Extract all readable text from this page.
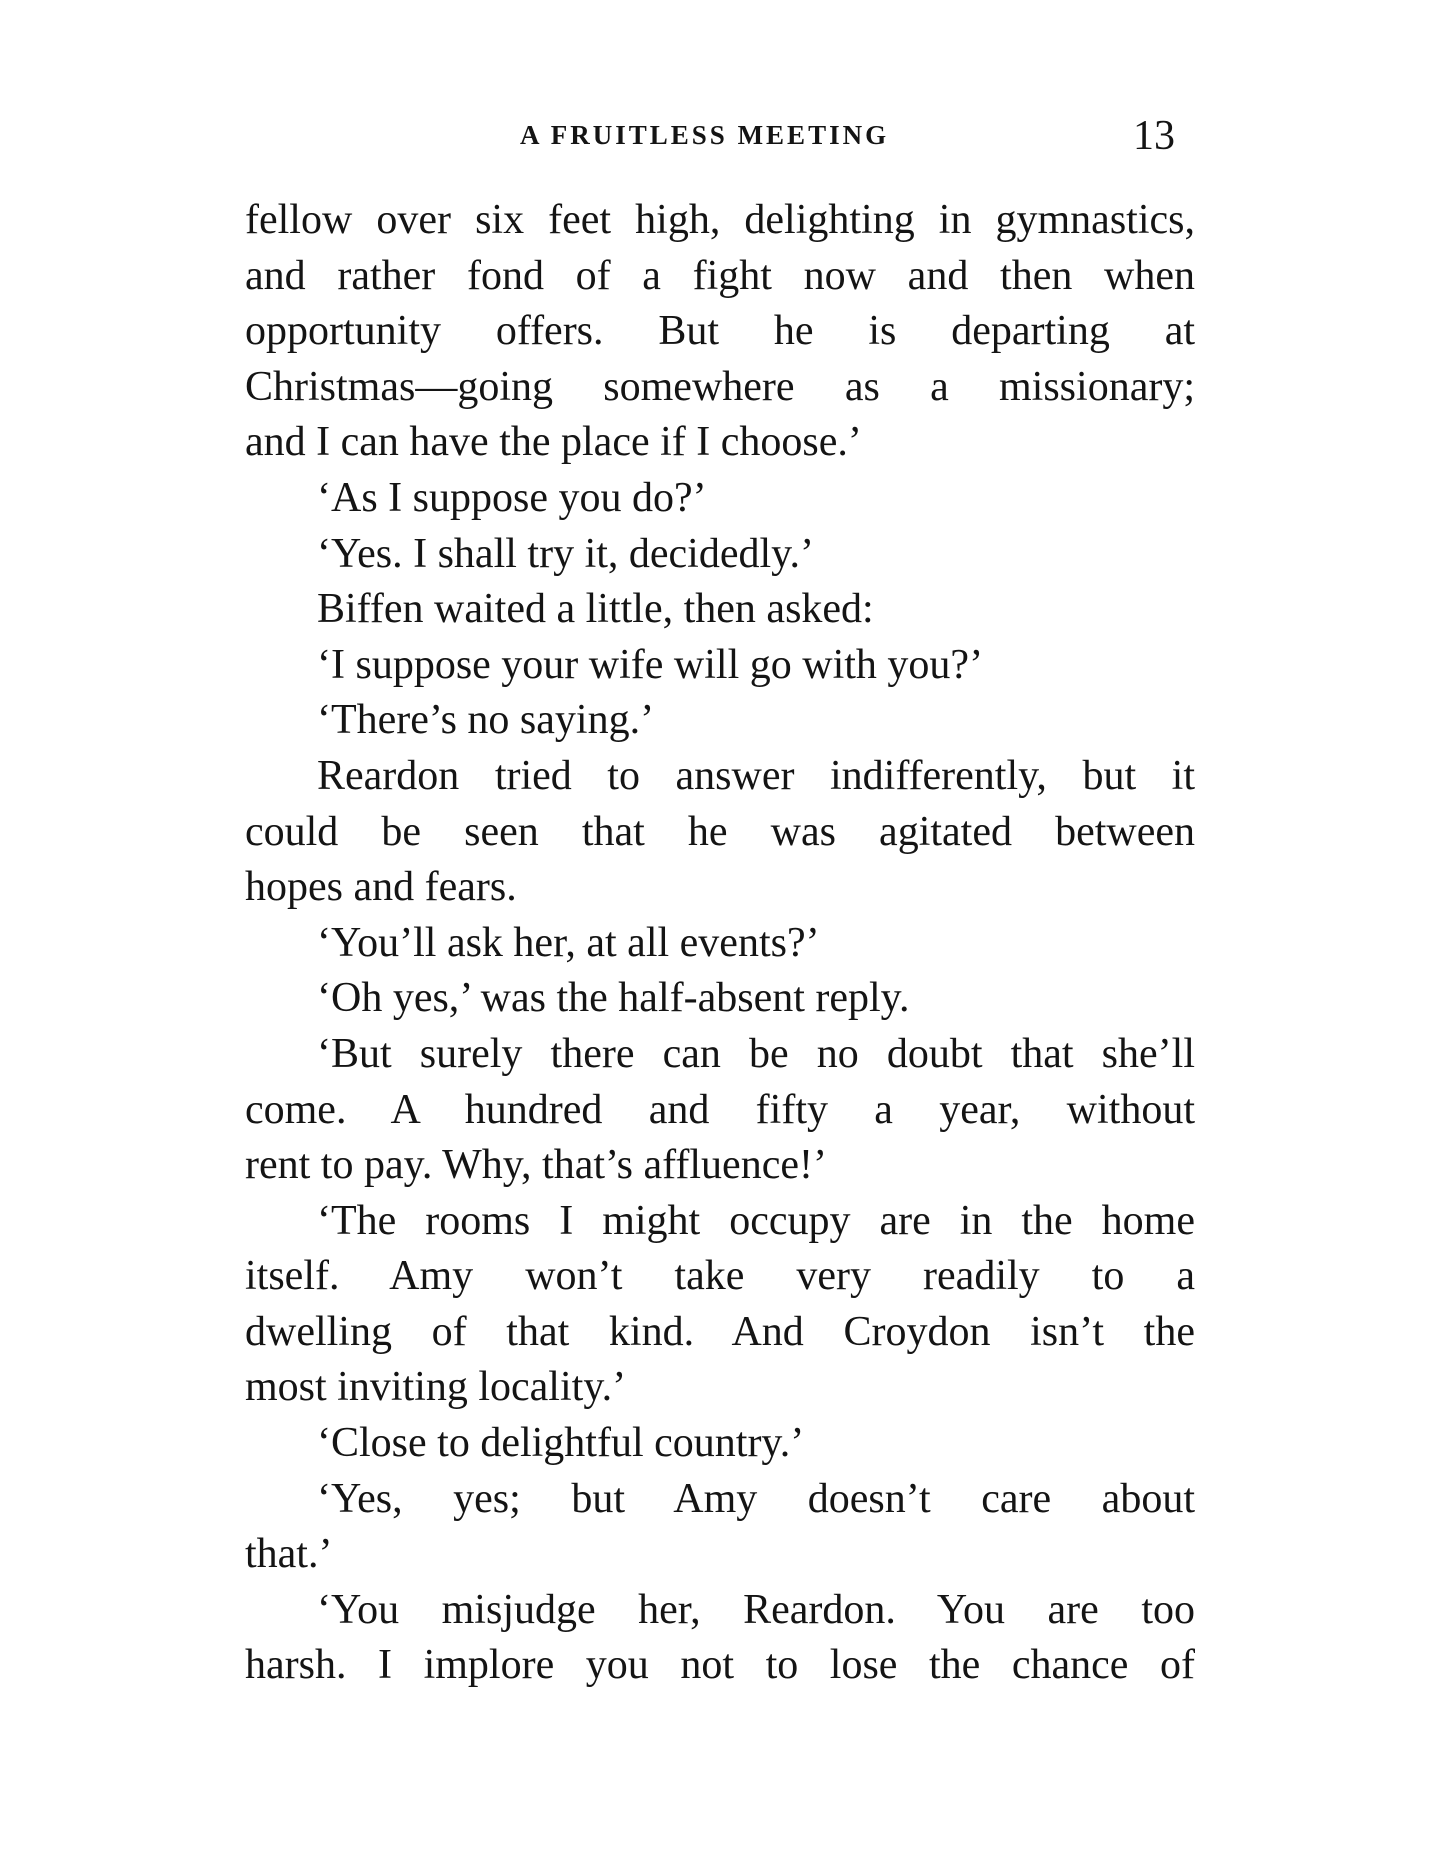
A FRUITLESS MEETING	13
fellow over six feet high, delighting in gymnastics,
and rather fond of a fight now and then when
opportunity offers. But he is departing at
Christmas—going somewhere as a missionary;
and I can have the place if I choose.’
‘As I suppose you do?’
‘Yes. I shall try it, decidedly.’
Biffen waited a little, then asked:
‘I suppose your wife will go with you?’
‘There’s no saying.’
Reardon tried to answer indifferently, but it
could be seen that he was agitated between
hopes and fears.
‘You’ll ask her, at all events?’
‘Oh yes,’ was the half-absent reply.
‘But surely there can be no doubt that she’ll
come. A hundred and fifty a year, without
rent to pay. Why, that’s affluence!’
‘The rooms I might occupy are in the home
itself. Amy won’t take very readily to a
dwelling of that kind. And Croydon isn’t the
most inviting locality.’
‘Close to delightful country.’
‘Yes, yes; but Amy doesn’t care about
that.’
‘You misjudge her, Reardon. You are too
harsh. I implore you not to lose the chance of
